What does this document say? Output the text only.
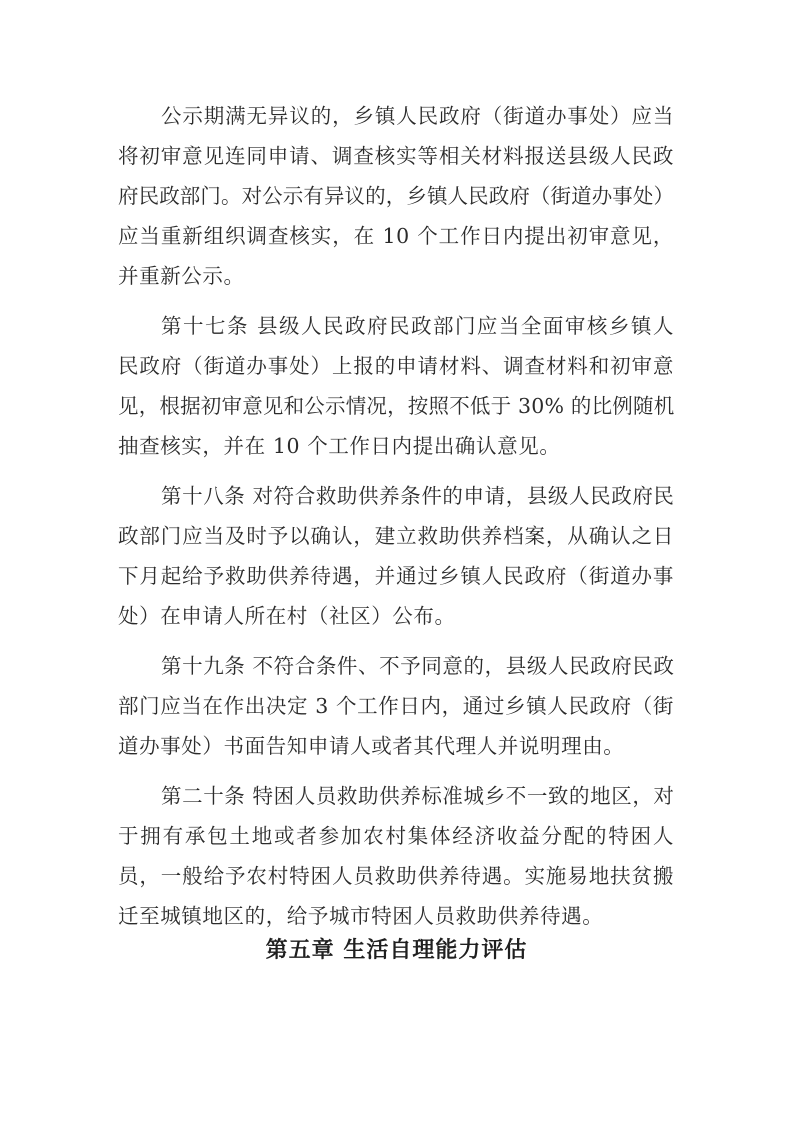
公示期满无异议的，乡镇人民政府（街道办事处）应当
将初审意见连同申请、调查核实等相关材料报送县级人民政
府民政部门。对公示有异议的，乡镇人民政府（街道办事处）
应当重新组织调查核实，在 10 个工作日内提出初审意见，
并重新公示。
第十七条 县级人民政府民政部门应当全面审核乡镇人
民政府（街道办事处）上报的申请材料、调查材料和初审意
见，根据初审意见和公示情况，按照不低于 30% 的比例随机
抽查核实，并在 10 个工作日内提出确认意见。
第十八条 对符合救助供养条件的申请，县级人民政府民
政部门应当及时予以确认，建立救助供养档案，从确认之日
下月起给予救助供养待遇，并通过乡镇人民政府（街道办事
处）在申请人所在村（社区）公布。
第十九条 不符合条件、不予同意的，县级人民政府民政
部门应当在作出决定 3 个工作日内，通过乡镇人民政府（街
道办事处）书面告知申请人或者其代理人并说明理由。
第二十条 特困人员救助供养标准城乡不一致的地区，对
于拥有承包土地或者参加农村集体经济收益分配的特困人
员，一般给予农村特困人员救助供养待遇。实施易地扶贫搬
迁至城镇地区的，给予城市特困人员救助供养待遇。
第五章 生活自理能力评估
